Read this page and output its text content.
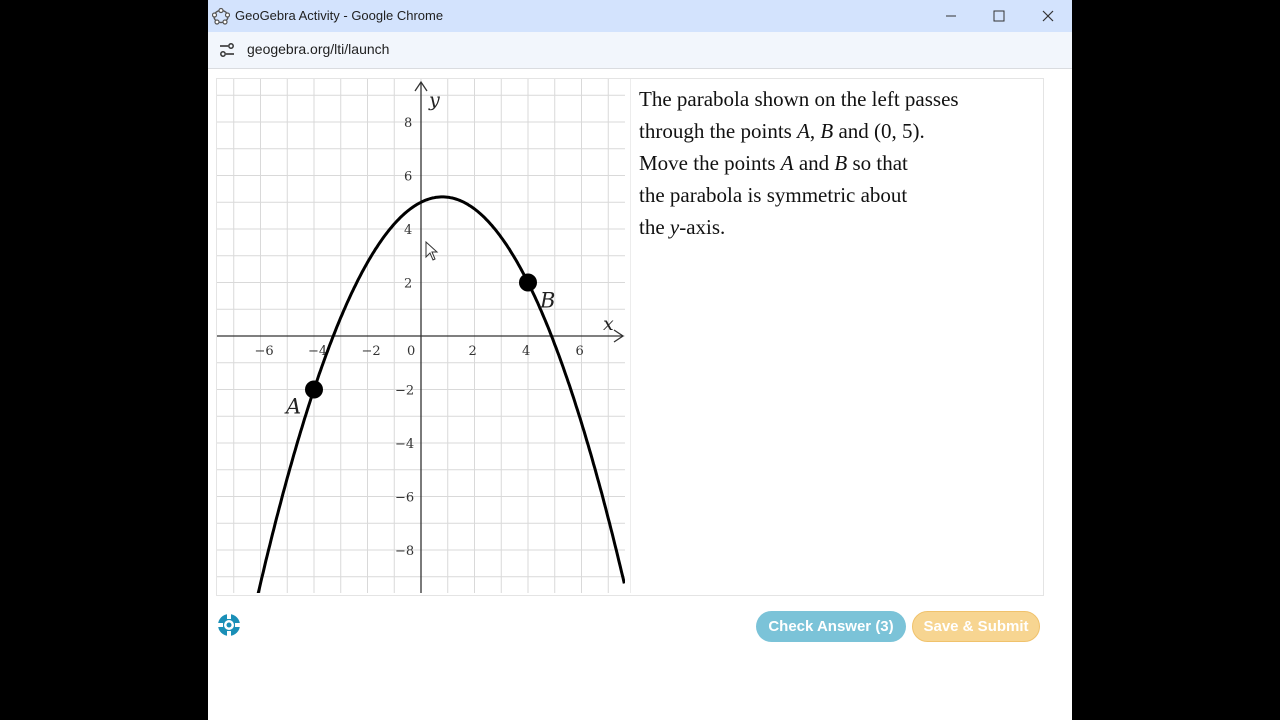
GeoGebra Activity - Google Chrome
geogebra.org/lti/launch
x
y
−6	−4	−2 0	2	4	6
8
6
4
2
−2
−4
−6
−8
A
B

The parabola shown on the left passes

through the points A, B and (0, 5).

Move the points A and B so that

the parabola is symmetric about

the y-axis.

Check Answer (3)	Save & Submit
